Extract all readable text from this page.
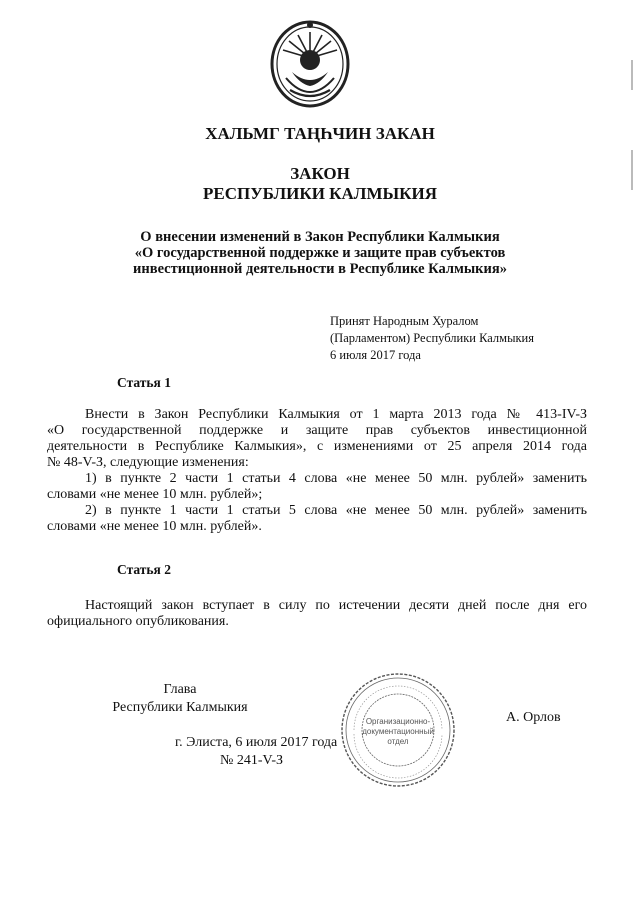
ХАЛЬМГ ТАҢҺЧИН ЗАКАН
ЗАКОН
РЕСПУБЛИКИ КАЛМЫКИЯ
О внесении изменений в Закон Республики Калмыкия
«О государственной поддержке и защите прав субъектов
инвестиционной деятельности в Республике Калмыкия»
Принят Народным Хуралом
(Парламентом) Республики Калмыкия
6 июля 2017 года
Статья 1
Внести в Закон Республики Калмыкия от 1 марта 2013 года № 413-IV-З
«О государственной поддержке и защите прав субъектов инвестиционной
деятельности в Республике Калмыкия», с изменениями от 25 апреля 2014 года
№ 48-V-З, следующие изменения:
1) в пункте 2 части 1 статьи 4 слова «не менее 50 млн. рублей» заменить
словами «не менее 10 млн. рублей»;
2) в пункте 1 части 1 статьи 5 слова «не менее 50 млн. рублей» заменить
словами «не менее 10 млн. рублей».
Статья 2
Настоящий закон вступает в силу по истечении десяти дней после дня его
официального опубликования.
Глава
Республики Калмыкия
г. Элиста, 6 июля 2017 года
№ 241-V-З
А. Орлов
Организационно-
документационный
отдел
